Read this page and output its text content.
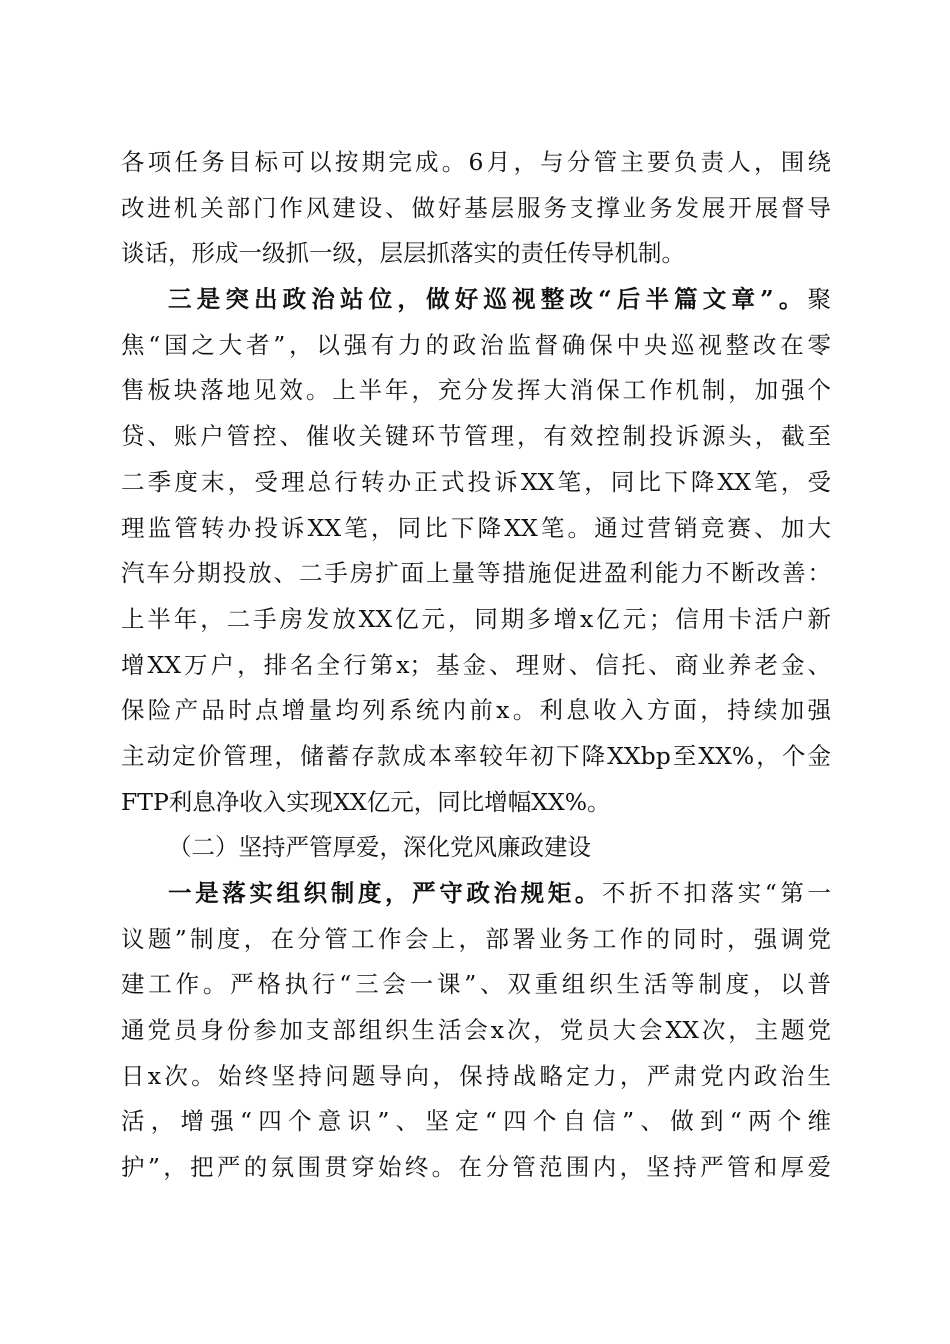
各项任务目标可以按期完成。6月，与分管主要负责人，围绕
改进机关部门作风建设、做好基层服务支撑业务发展开展督导
谈话，形成一级抓一级，层层抓落实的责任传导机制。
三是突出政治站位，做好巡视整改“后半篇文章”。聚
焦“国之大者”，以强有力的政治监督确保中央巡视整改在零
售板块落地见效。上半年，充分发挥大消保工作机制，加强个
贷、账户管控、催收关键环节管理，有效控制投诉源头，截至
二季度末，受理总行转办正式投诉XX笔，同比下降XX笔，受
理监管转办投诉XX笔，同比下降XX笔。通过营销竞赛、加大
汽车分期投放、二手房扩面上量等措施促进盈利能力不断改善：
上半年，二手房发放XX亿元，同期多增x亿元；信用卡活户新
增XX万户，排名全行第x；基金、理财、信托、商业养老金、
保险产品时点增量均列系统内前x。利息收入方面，持续加强
主动定价管理，储蓄存款成本率较年初下降XXbp至XX%，个金
FTP利息净收入实现XX亿元，同比增幅XX%。
（二）坚持严管厚爱，深化党风廉政建设
一是落实组织制度，严守政治规矩。不折不扣落实“第一
议题”制度，在分管工作会上，部署业务工作的同时，强调党
建工作。严格执行“三会一课”、双重组织生活等制度，以普
通党员身份参加支部组织生活会x次，党员大会XX次，主题党
日x次。始终坚持问题导向，保持战略定力，严肃党内政治生
活，增强“四个意识”、坚定“四个自信”、做到“两个维
护”，把严的氛围贯穿始终。在分管范围内，坚持严管和厚爱
